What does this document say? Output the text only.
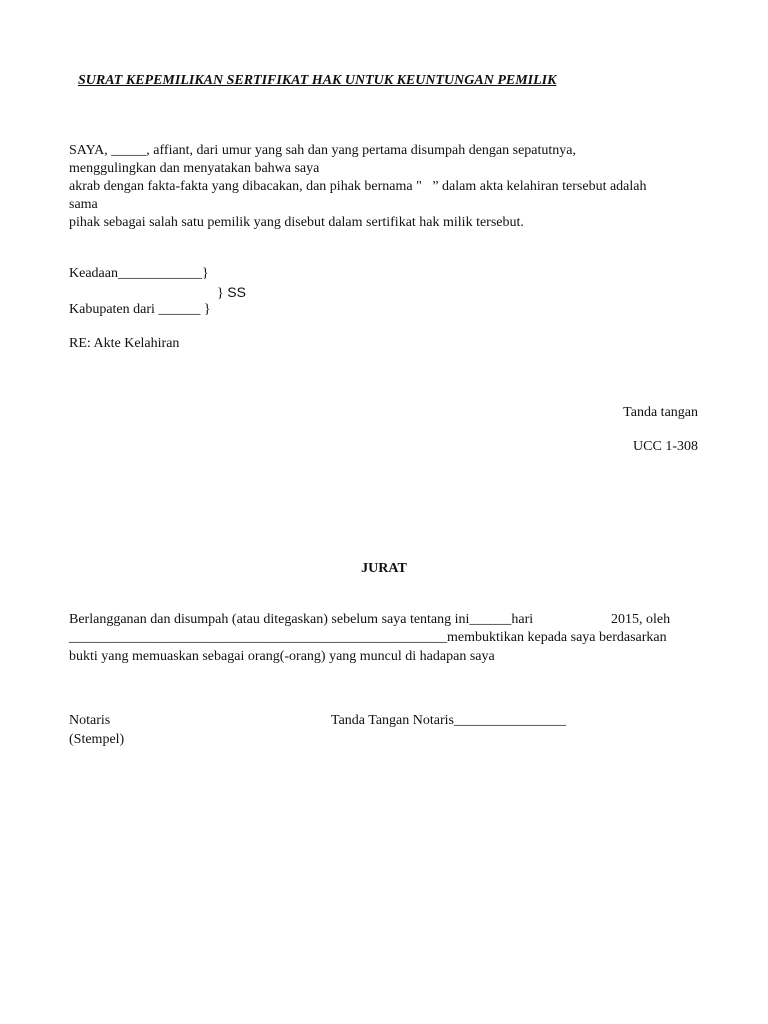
SURAT KEPEMILIKAN SERTIFIKAT HAK UNTUK KEUNTUNGAN PEMILIK
SAYA, _____, affiant, dari umur yang sah dan yang pertama disumpah dengan sepatutnya,
menggulingkan dan menyatakan bahwa saya
akrab dengan fakta-fakta yang dibacakan, dan pihak bernama "   ” dalam akta kelahiran tersebut adalah
sama
pihak sebagai salah satu pemilik yang disebut dalam sertifikat hak milik tersebut.
Keadaan____________}
} SS
Kabupaten dari ______ }
RE: Akte Kelahiran
Tanda tangan
UCC 1-308
JURAT
Berlangganan dan disumpah (atau ditegaskan) sebelum saya tentang ini______hari	2015, oleh
______________________________________________________membuktikan kepada saya berdasarkan
bukti yang memuaskan sebagai orang(-orang) yang muncul di hadapan saya
Notaris
(Stempel)
Tanda Tangan Notaris________________
